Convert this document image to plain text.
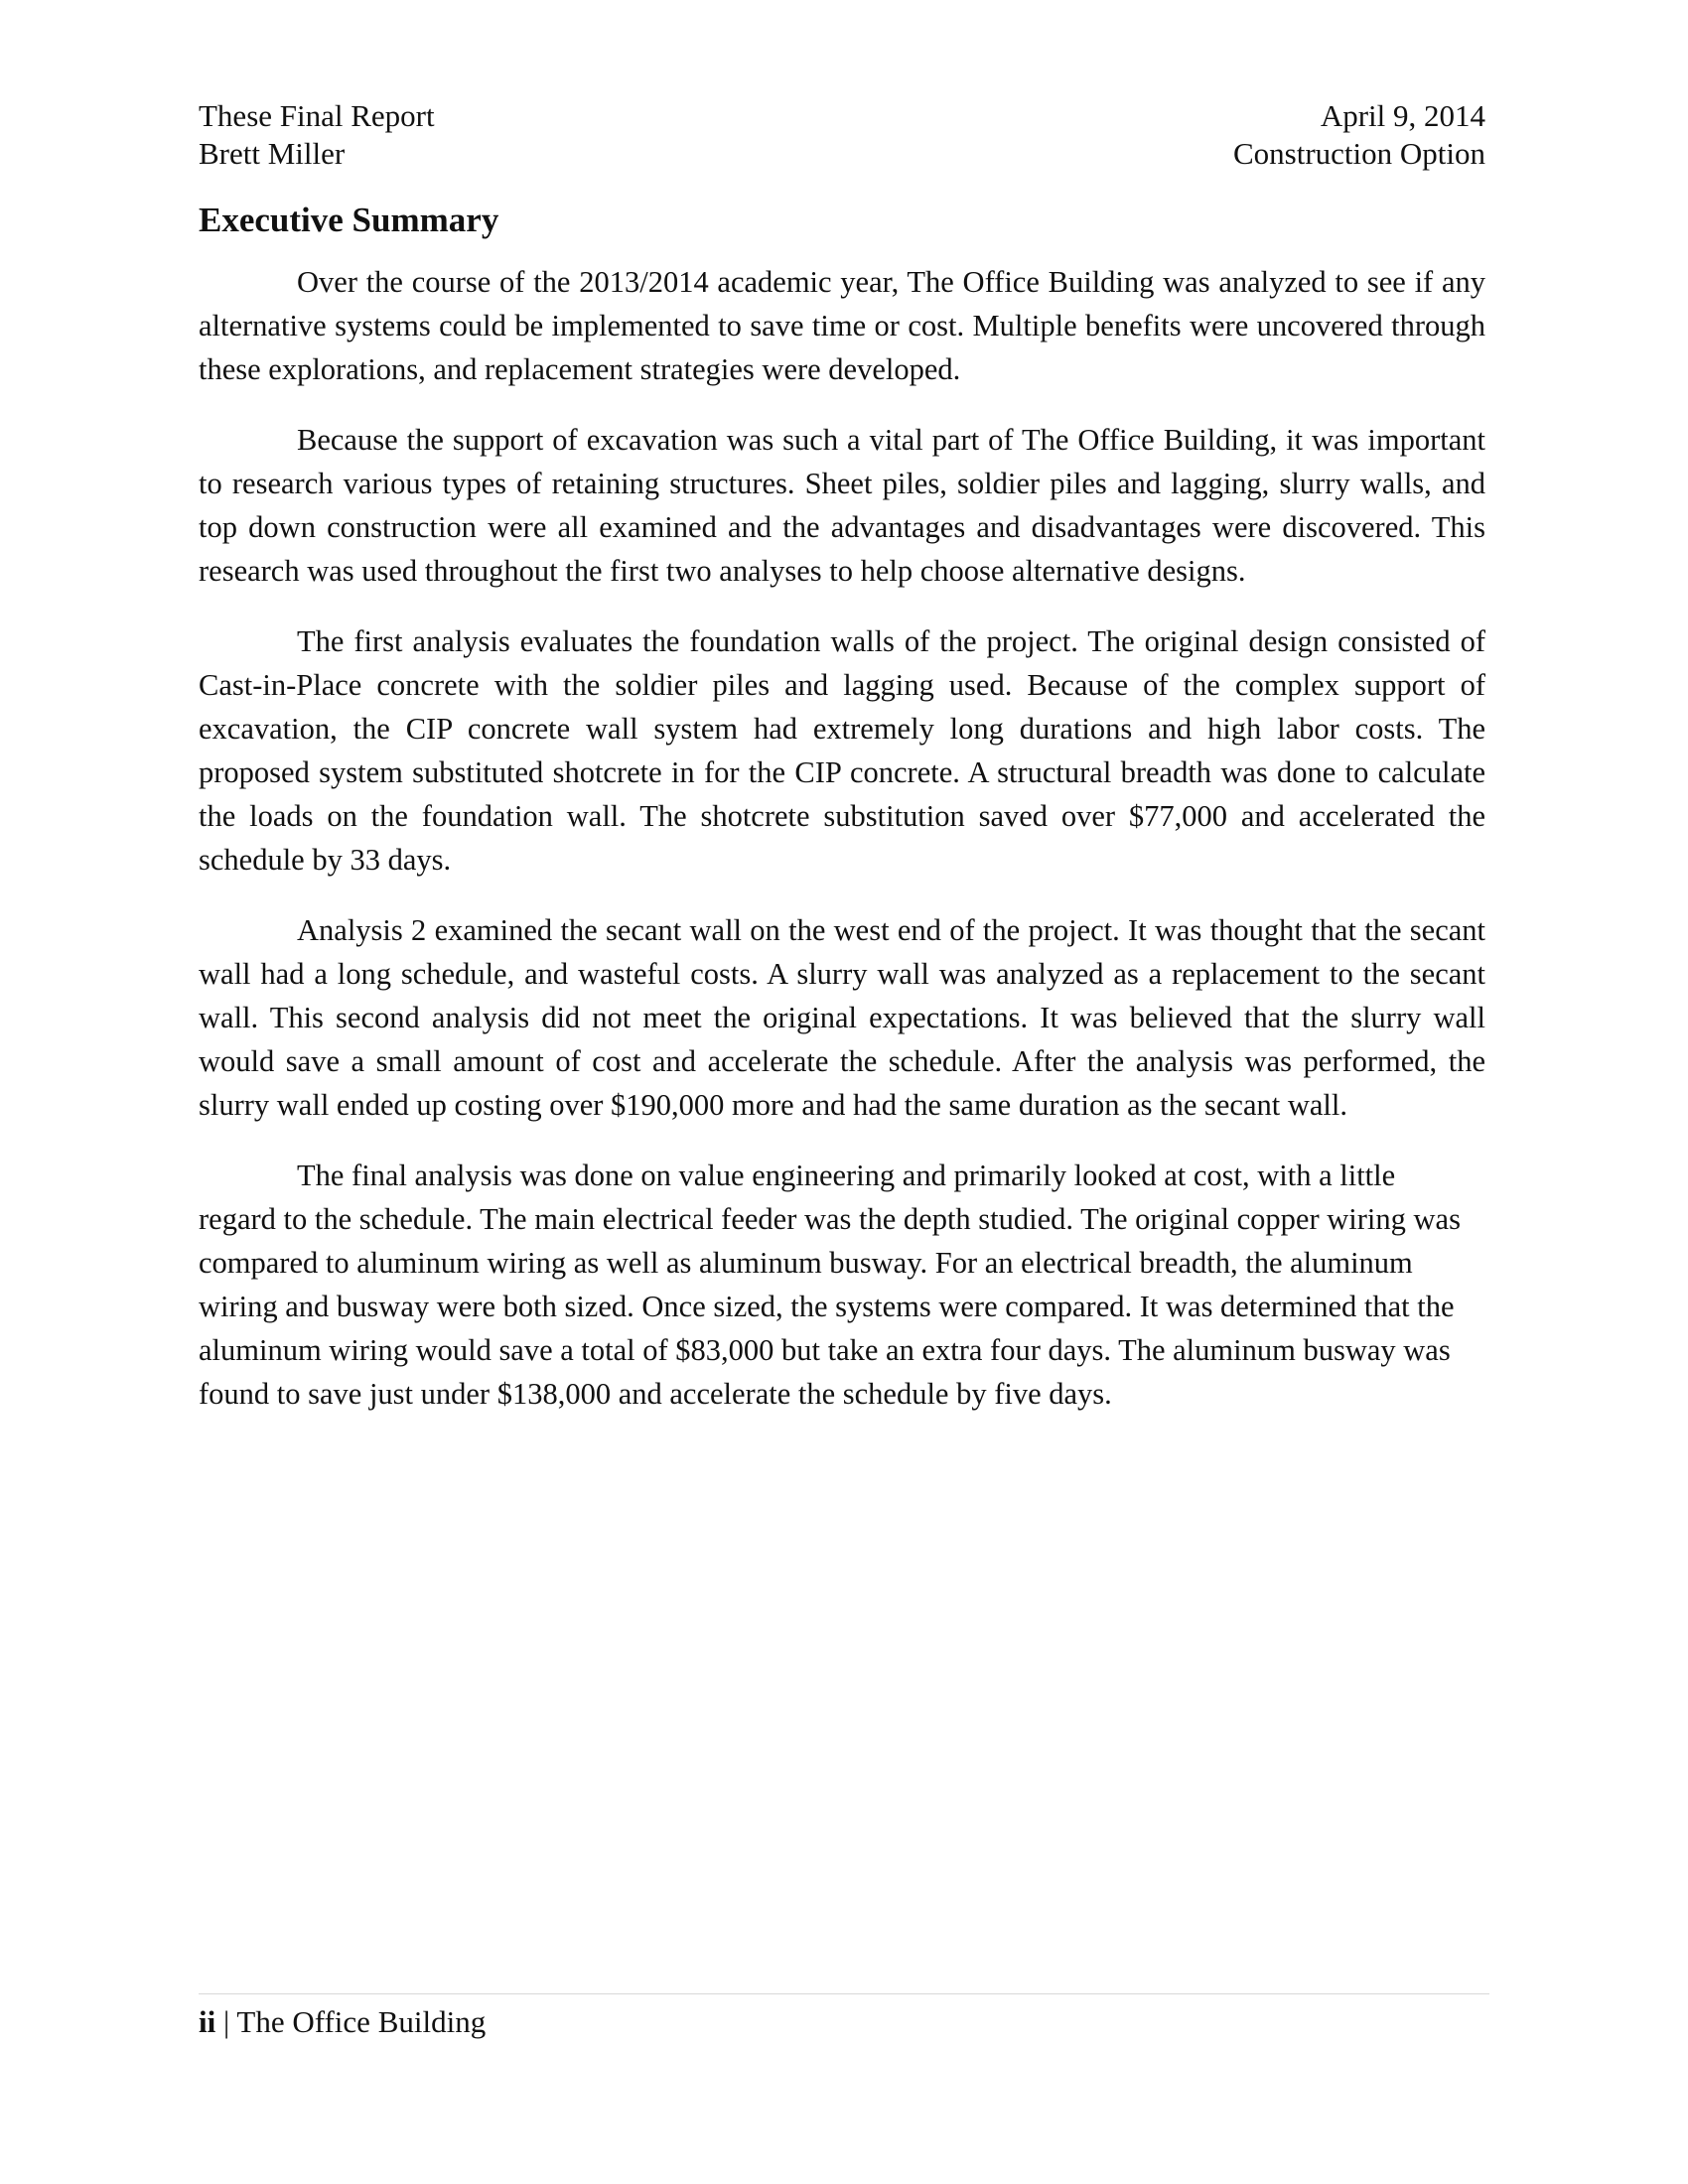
These Final Report	April 9, 2014
Brett Miller	Construction Option
Executive Summary

Over the course of the 2013/2014 academic year, The Office Building was analyzed to see if any alternative systems could be implemented to save time or cost. Multiple benefits were uncovered through these explorations, and replacement strategies were developed.

Because the support of excavation was such a vital part of The Office Building, it was important to research various types of retaining structures. Sheet piles, soldier piles and lagging, slurry walls, and top down construction were all examined and the advantages and disadvantages were discovered. This research was used throughout the first two analyses to help choose alternative designs.

The first analysis evaluates the foundation walls of the project. The original design consisted of Cast-in-Place concrete with the soldier piles and lagging used. Because of the complex support of excavation, the CIP concrete wall system had extremely long durations and high labor costs. The proposed system substituted shotcrete in for the CIP concrete. A structural breadth was done to calculate the loads on the foundation wall. The shotcrete substitution saved over $77,000 and accelerated the schedule by 33 days.

Analysis 2 examined the secant wall on the west end of the project. It was thought that the secant wall had a long schedule, and wasteful costs. A slurry wall was analyzed as a replacement to the secant wall. This second analysis did not meet the original expectations. It was believed that the slurry wall would save a small amount of cost and accelerate the schedule. After the analysis was performed, the slurry wall ended up costing over $190,000 more and had the same duration as the secant wall.

The final analysis was done on value engineering and primarily looked at cost, with a little regard to the schedule. The main electrical feeder was the depth studied. The original copper wiring was compared to aluminum wiring as well as aluminum busway. For an electrical breadth, the aluminum wiring and busway were both sized. Once sized, the systems were compared. It was determined that the aluminum wiring would save a total of $83,000 but take an extra four days. The aluminum busway was found to save just under $138,000 and accelerate the schedule by five days.

ii | The Office Building
